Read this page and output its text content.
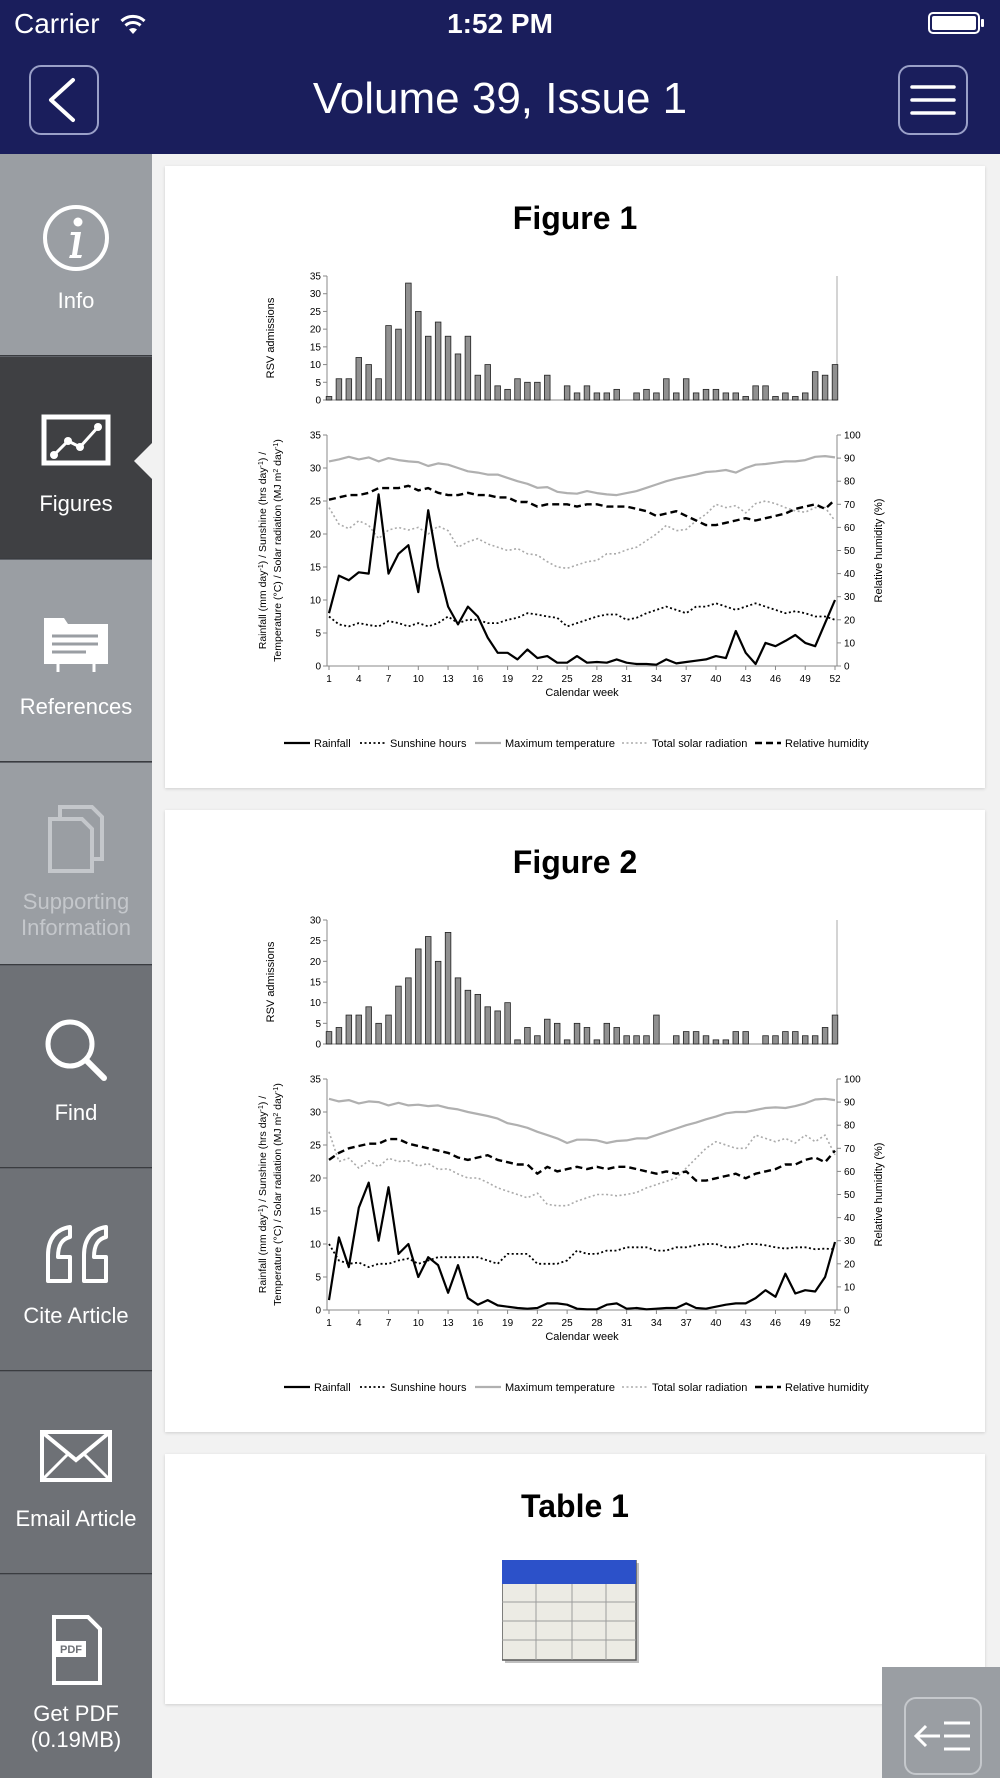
Carrier	1:52 PM
Volume 39, Issue 1
Info
Figures
References
Supporting
Information
Find
Cite Article
Email Article
PDF
Get PDF
(0.19MB)
Figure 1
0
5
10
15
20
25
30
35
RSV admissions
0
5
10
15
20
25
30
35
0
10
20
30
40
50
60
70
80
90
100
1 4 7 10 13 16 19 22 25 28 31 34 37 40 43 46 49 52
Calendar week
Rainfall (mm day$^{-1}$) / Sunshine (hrs day$^{-1}$) /
Temperature (°C) / Solar radiation (MJ $m^2$ day$^{-1}$)
Relative humidity (%)
Rainfall	Sunshine hours	Maximum temperature	Total solar radiation	Relative humidity
Figure 2
0
5
10
15
20
25
30
RSV admissions
0
5
10
15
20
25
30
35
0
10
20
30
40
50
60
70
80
90
100
1 4 7 10 13 16 19 22 25 28 31 34 37 40 43 46 49 52
Calendar week
Rainfall (mm day$^{-1}$) / Sunshine (hrs day$^{-1}$) /
Temperature (°C) / Solar radiation (MJ $m^2$ day$^{-1}$)
Relative humidity (%)
Rainfall	Sunshine hours	Maximum temperature	Total solar radiation	Relative humidity
Table 1
